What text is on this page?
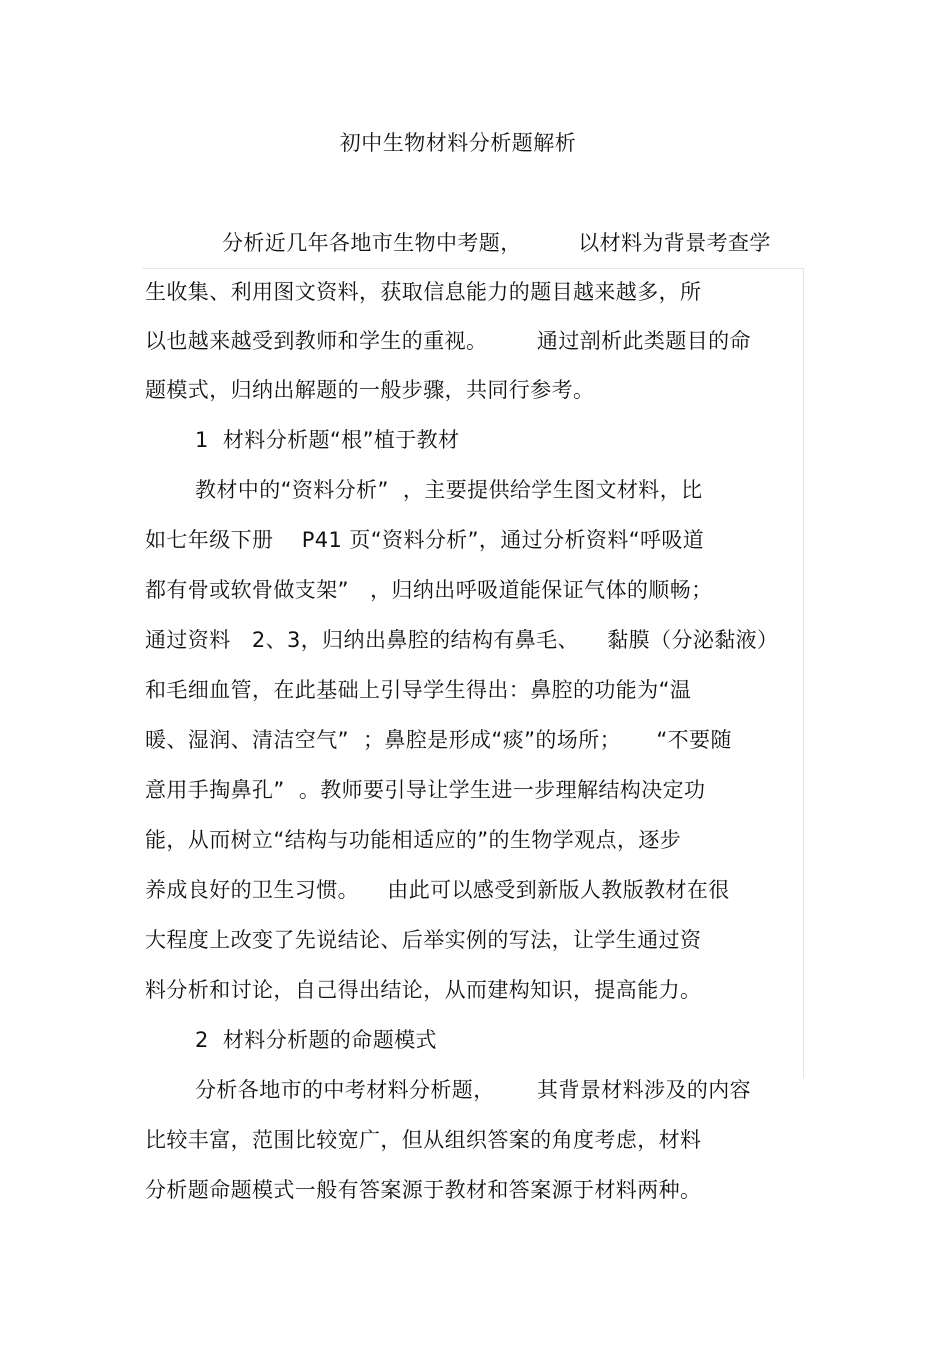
初中生物材料分析题解析
分析近几年各地市生物中考题，        以材料为背景考查学
生收集、利用图文资料，获取信息能力的题目越来越多，所
以也越来越受到教师和学生的重视。       通过剖析此类题目的命
题模式，归纳出解题的一般步骤，共同行参考。
1  材料分析题“根”植于教材
教材中的“资料分析”  ，主要提供给学生图文材料，比
如七年级下册    P41 页“资料分析”，通过分析资料“呼吸道
都有骨或软骨做支架”   ，归纳出呼吸道能保证气体的顺畅；
通过资料   2、3，归纳出鼻腔的结构有鼻毛、    黏膜（分泌黏液）
和毛细血管，在此基础上引导学生得出：鼻腔的功能为“温
暖、湿润、清洁空气”  ；鼻腔是形成“痰”的场所；     “不要随
意用手掏鼻孔”  。教师要引导让学生进一步理解结构决定功
能，从而树立“结构与功能相适应的”的生物学观点，逐步
养成良好的卫生习惯。    由此可以感受到新版人教版教材在很
大程度上改变了先说结论、后举实例的写法，让学生通过资
料分析和讨论，自己得出结论，从而建构知识，提高能力。
2  材料分析题的命题模式
分析各地市的中考材料分析题，      其背景材料涉及的内容
比较丰富，范围比较宽广，但从组织答案的角度考虑，材料
分析题命题模式一般有答案源于教材和答案源于材料两种。
